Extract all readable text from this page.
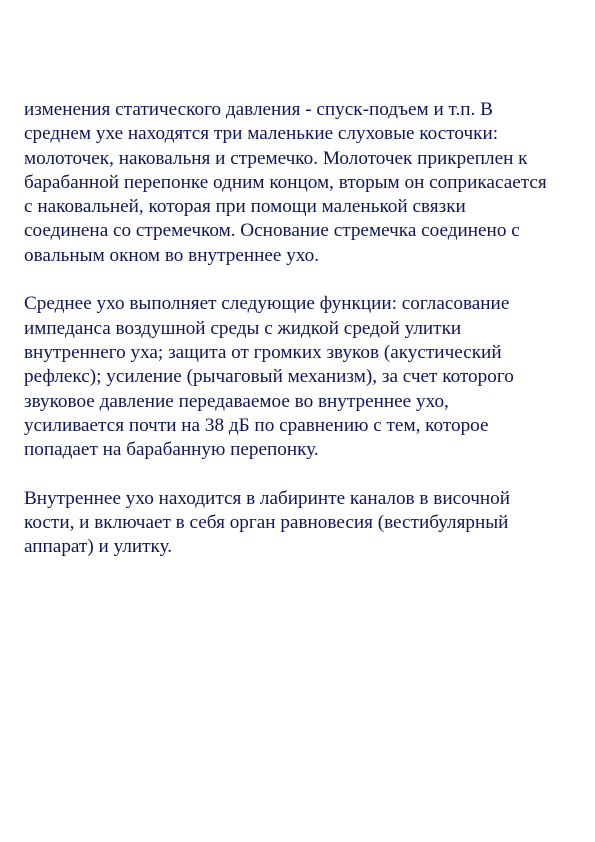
изменения статического давления - спуск-подъем и т.п. В
среднем ухе находятся три маленькие слуховые косточки:
молоточек, наковальня и стремечко. Молоточек прикреплен к
барабанной перепонке одним концом, вторым он соприкасается
с наковальней, которая при помощи маленькой связки
соединена со стремечком. Основание стремечка соединено с
овальным окном во внутреннее ухо.

Среднее ухо выполняет следующие функции: согласование
импеданса воздушной среды с жидкой средой улитки
внутреннего уха; защита от громких звуков (акустический
рефлекс); усиление (рычаговый механизм), за счет которого
звуковое давление передаваемое во внутреннее ухо,
усиливается почти на 38 дБ по сравнению с тем, которое
попадает на барабанную перепонку.

Внутреннее ухо находится в лабиринте каналов в височной
кости, и включает в себя орган равновесия (вестибулярный
аппарат) и улитку.
